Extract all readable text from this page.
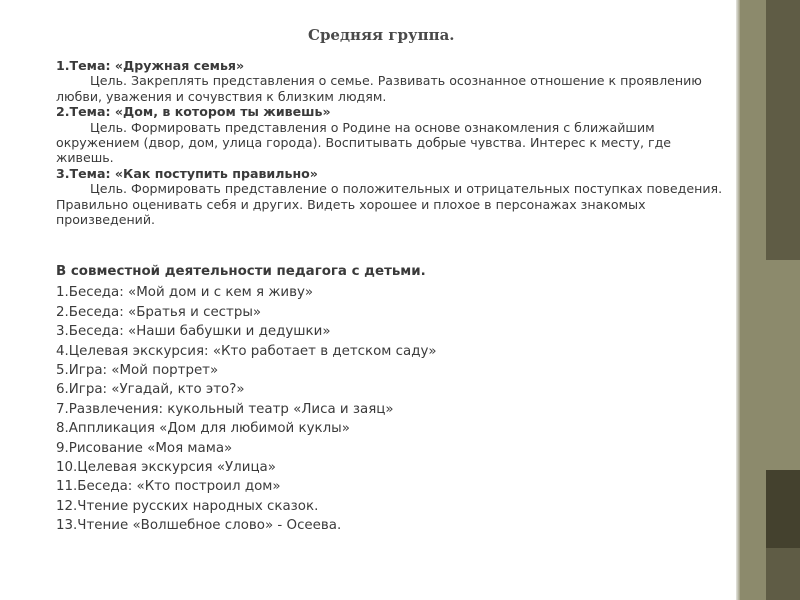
Средняя группа.
1.Тема: «Дружная семья»
Цель. Закреплять представления о семье. Развивать осознанное отношение к проявлению любви, уважения и сочувствия к близким людям.
2.Тема: «Дом, в котором ты живешь»
Цель. Формировать представления о Родине на основе ознакомления с ближайшим окружением (двор, дом, улица города). Воспитывать добрые чувства. Интерес к месту, где живешь.
3.Тема: «Как поступить правильно»
Цель. Формировать представление о положительных и отрицательных поступках поведения. Правильно оценивать себя и других. Видеть хорошее и плохое в персонажах знакомых произведений.
В совместной деятельности педагога с детьми.
1.Беседа: «Мой дом и с кем я живу»
2.Беседа: «Братья и сестры»
3.Беседа: «Наши бабушки и дедушки»
4.Целевая экскурсия: «Кто работает в детском саду»
5.Игра: «Мой портрет»
6.Игра: «Угадай, кто это?»
7.Развлечения: кукольный театр «Лиса и заяц»
8.Аппликация «Дом для любимой куклы»
9.Рисование «Моя мама»
10.Целевая экскурсия «Улица»
11.Беседа: «Кто построил дом»
12.Чтение русских народных сказок.
13.Чтение «Волшебное слово» - Осеева.
